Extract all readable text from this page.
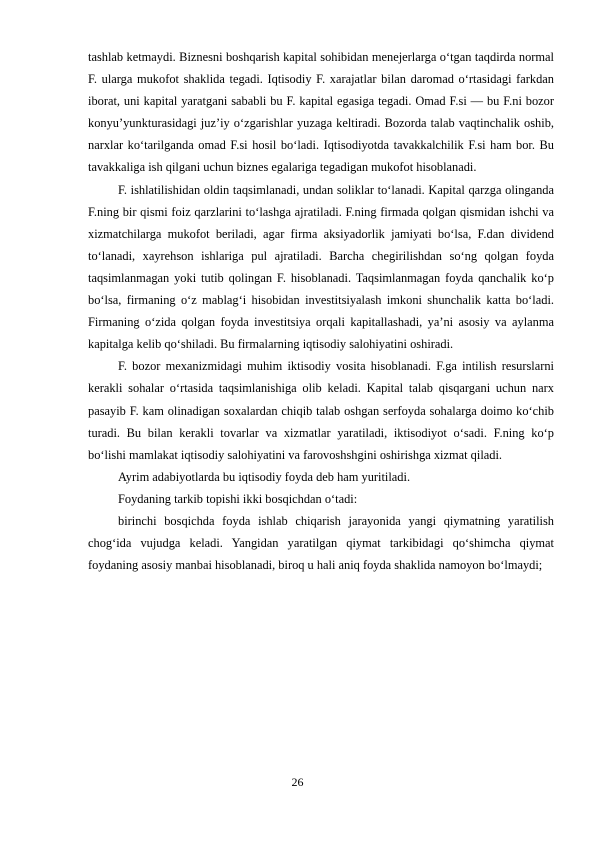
tashlab ketmaydi. Biznesni boshqarish kapital sohibidan menejerlarga o‘tgan taqdirda normal F. ularga mukofot shaklida tegadi. Iqtisodiy F. xarajatlar bilan daromad o‘rtasidagi farkdan iborat, uni kapital yaratgani sababli bu F. kapital egasiga tegadi. Omad F.si — bu F.ni bozor konyu’yunkturasidagi juz’iy o‘zgarishlar yuzaga keltiradi. Bozorda talab vaqtinchalik oshib, narxlar ko‘tarilganda omad F.si hosil bo‘ladi. Iqtisodiyotda tavakkalchilik F.si ham bor. Bu tavakkaliga ish qilgani uchun biznes egalariga tegadigan mukofot hisoblanadi.

F. ishlatilishidan oldin taqsimlanadi, undan soliklar to‘lanadi. Kapital qarzga olinganda F.ning bir qismi foiz qarzlarini to‘lashga ajratiladi. F.ning firmada qolgan qismidan ishchi va xizmatchilarga mukofot beriladi, agar firma aksiyadorlik jamiyati bo‘lsa, F.dan dividend to‘lanadi, xayrehson ishlariga pul ajratiladi. Barcha chegirilishdan so‘ng qolgan foyda taqsimlanmagan yoki tutib qolingan F. hisoblanadi. Taqsimlanmagan foyda qanchalik ko‘p bo‘lsa, firmaning o‘z mablag‘i hisobidan investitsiyalash imkoni shunchalik katta bo‘ladi. Firmaning o‘zida qolgan foyda investitsiya orqali kapitallashadi, ya’ni asosiy va aylanma kapitalga kelib qo‘shiladi. Bu firmalarning iqtisodiy salohiyatini oshiradi.

F. bozor mexanizmidagi muhim iktisodiy vosita hisoblanadi. F.ga intilish resurslarni kerakli sohalar o‘rtasida taqsimlanishiga olib keladi. Kapital talab qisqargani uchun narx pasayib F. kam olinadigan soxalardan chiqib talab oshgan serfoyda sohalarga doimo ko‘chib turadi. Bu bilan kerakli tovarlar va xizmatlar yaratiladi, iktisodiyot o‘sadi. F.ning ko‘p bo‘lishi mamlakat iqtisodiy salohiyatini va farovoshshgini oshirishga xizmat qiladi.

Ayrim adabiyotlarda bu iqtisodiy foyda deb ham yuritiladi.

Foydaning tarkib topishi ikki bosqichdan o‘tadi:

birinchi bosqichda foyda ishlab chiqarish jarayonida yangi qiymatning yaratilish chog‘ida vujudga keladi. Yangidan yaratilgan qiymat tarkibidagi qo‘shimcha qiymat foydaning asosiy manbai hisoblanadi, biroq u hali aniq foyda shaklida namoyon bo‘lmaydi;

26
